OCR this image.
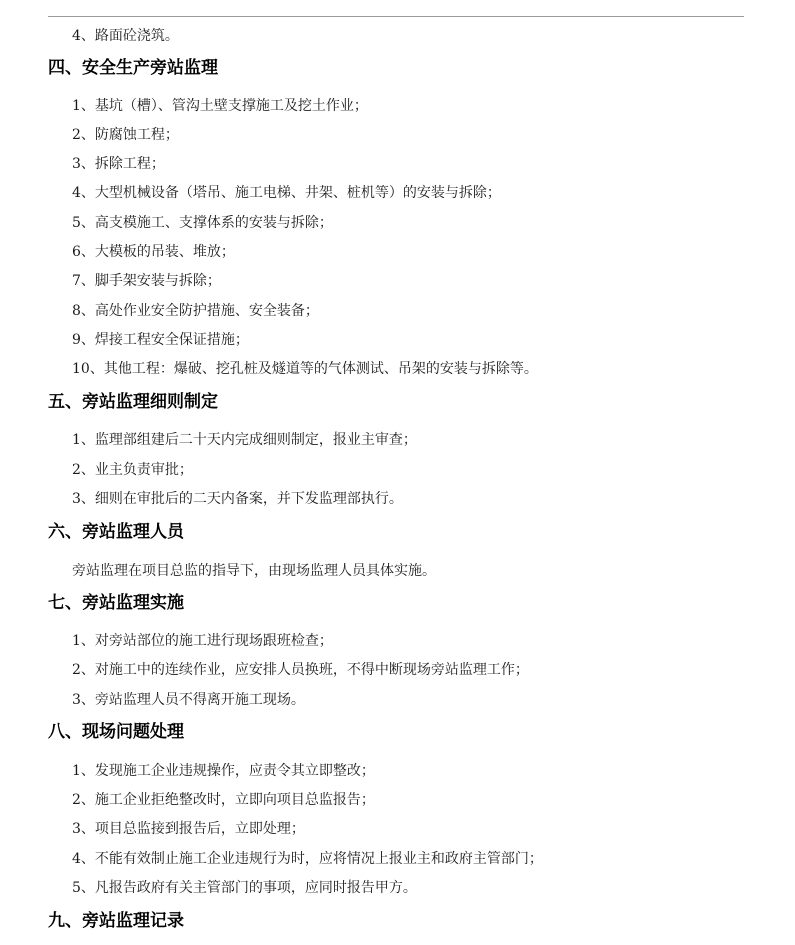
4、路面砼浇筑。
四、安全生产旁站监理
1、基坑（槽）、管沟土壁支撑施工及挖土作业；
2、防腐蚀工程；
3、拆除工程；
4、大型机械设备（塔吊、施工电梯、井架、桩机等）的安装与拆除；
5、高支模施工、支撑体系的安装与拆除；
6、大模板的吊装、堆放；
7、脚手架安装与拆除；
8、高处作业安全防护措施、安全装备；
9、焊接工程安全保证措施；
10、其他工程：爆破、挖孔桩及燧道等的气体测试、吊架的安装与拆除等。
五、旁站监理细则制定
1、监理部组建后二十天内完成细则制定，报业主审查；
2、业主负责审批；
3、细则在审批后的二天内备案，并下发监理部执行。
六、旁站监理人员
旁站监理在项目总监的指导下，由现场监理人员具体实施。
七、旁站监理实施
1、对旁站部位的施工进行现场跟班检查；
2、对施工中的连续作业，应安排人员换班，不得中断现场旁站监理工作；
3、旁站监理人员不得离开施工现场。
八、现场问题处理
1、发现施工企业违规操作，应责令其立即整改；
2、施工企业拒绝整改时，立即向项目总监报告；
3、项目总监接到报告后，立即处理；
4、不能有效制止施工企业违规行为时，应将情况上报业主和政府主管部门；
5、凡报告政府有关主管部门的事项，应同时报告甲方。
九、旁站监理记录
